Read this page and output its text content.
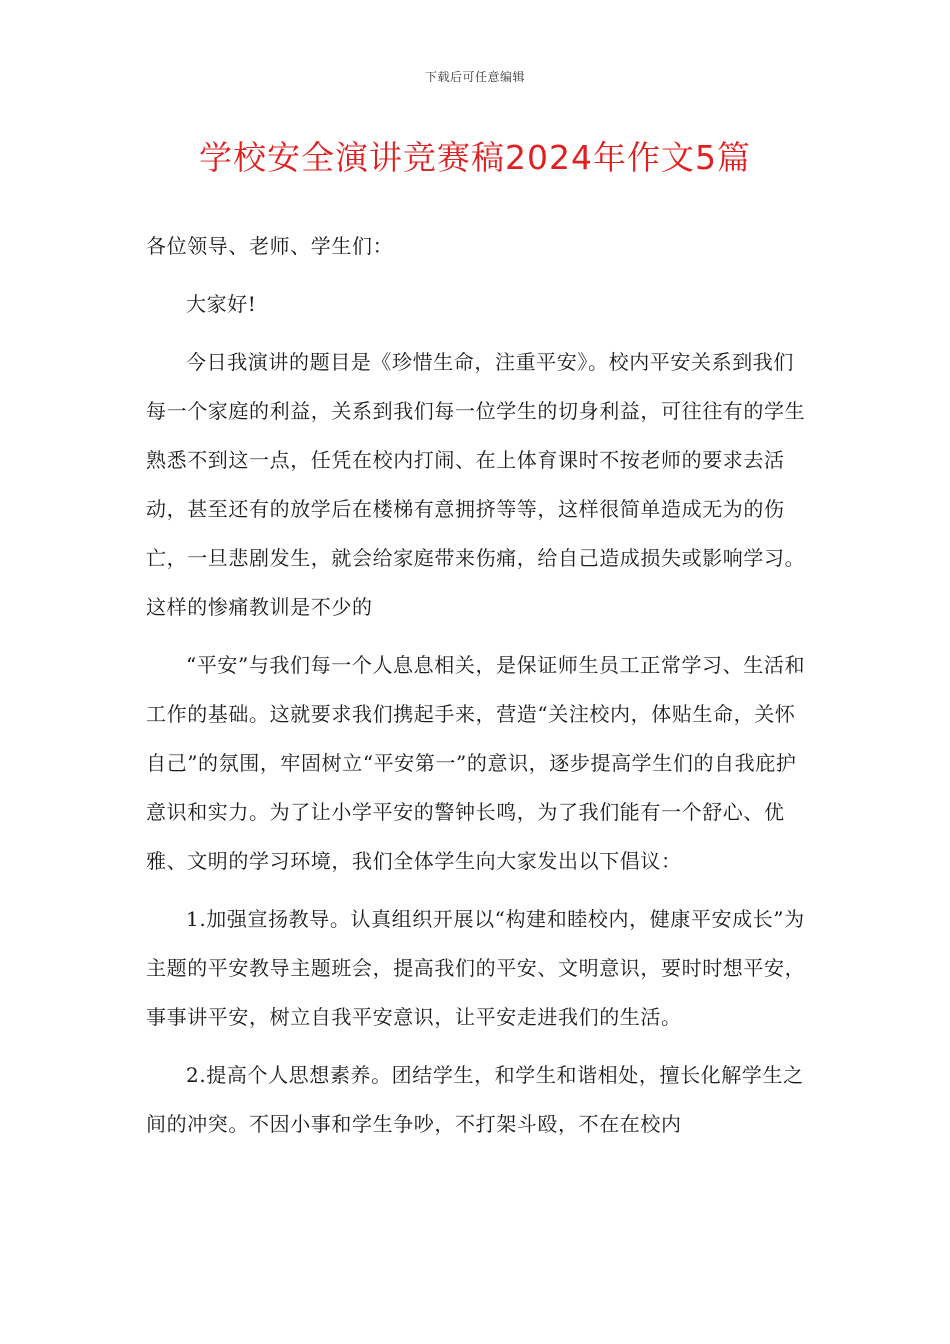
下载后可任意编辑
学校安全演讲竞赛稿2024年作文5篇

各位领导、老师、学生们：

大家好!

今日我演讲的题目是《珍惜生命，注重平安》。校内平安关系到我们每一个家庭的利益，关系到我们每一位学生的切身利益，可往往有的学生熟悉不到这一点，任凭在校内打闹、在上体育课时不按老师的要求去活动，甚至还有的放学后在楼梯有意拥挤等等，这样很简单造成无为的伤亡，一旦悲剧发生，就会给家庭带来伤痛，给自己造成损失或影响学习。这样的惨痛教训是不少的

“平安”与我们每一个人息息相关，是保证师生员工正常学习、生活和工作的基础。这就要求我们携起手来，营造“关注校内，体贴生命，关怀自己”的氛围，牢固树立“平安第一”的意识，逐步提高学生们的自我庇护意识和实力。为了让小学平安的警钟长鸣，为了我们能有一个舒心、优雅、文明的学习环境，我们全体学生向大家发出以下倡议：

1.加强宣扬教导。认真组织开展以“构建和睦校内，健康平安成长”为主题的平安教导主题班会，提高我们的平安、文明意识，要时时想平安，事事讲平安，树立自我平安意识，让平安走进我们的生活。

2.提高个人思想素养。团结学生，和学生和谐相处，擅长化解学生之间的冲突。不因小事和学生争吵，不打架斗殴，不在在校内
